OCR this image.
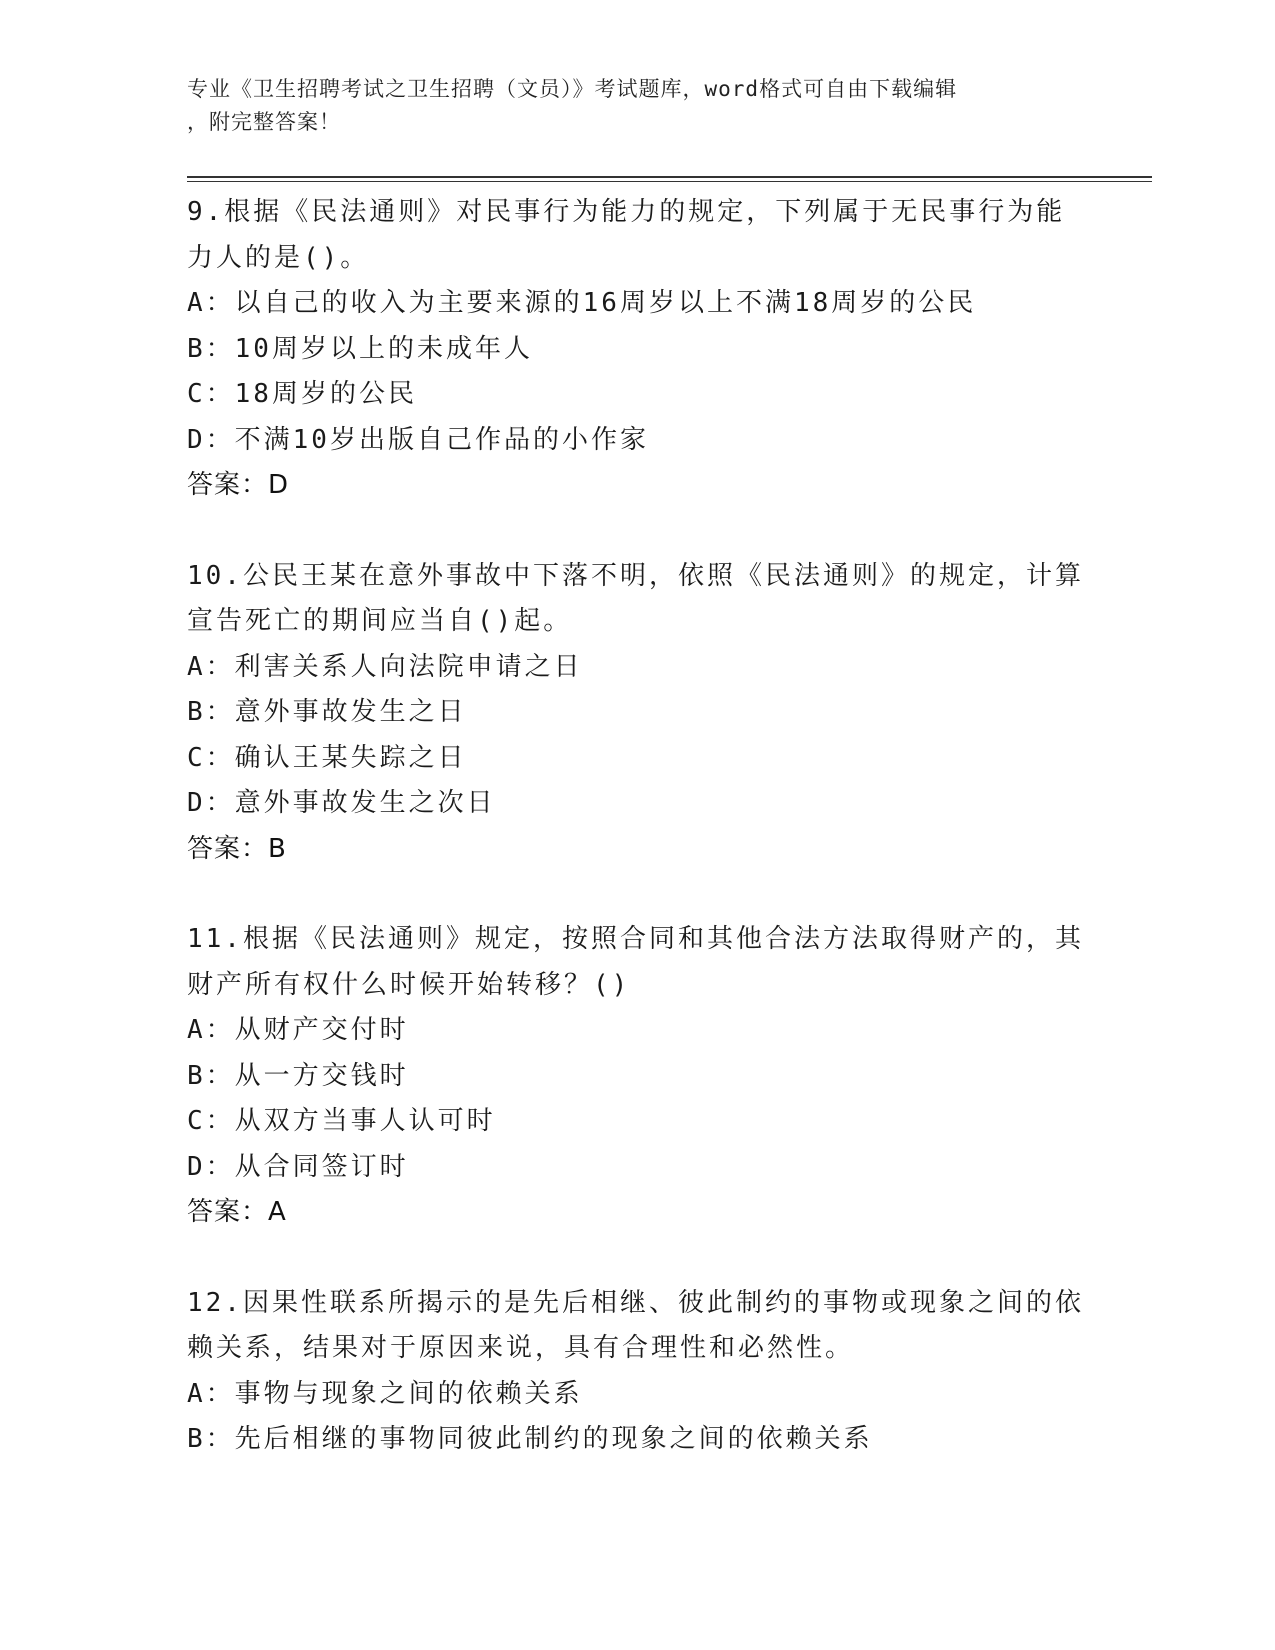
专业《卫生招聘考试之卫生招聘（文员）》考试题库，word格式可自由下载编辑
，附完整答案！
9.根据《民法通则》对民事行为能力的规定，下列属于无民事行为能
力人的是()。
A：以自己的收入为主要来源的16周岁以上不满18周岁的公民
B：10周岁以上的未成年人
C：18周岁的公民
D：不满10岁出版自己作品的小作家
答案：D
10.公民王某在意外事故中下落不明，依照《民法通则》的规定，计算
宣告死亡的期间应当自()起。
A：利害关系人向法院申请之日
B：意外事故发生之日
C：确认王某失踪之日
D：意外事故发生之次日
答案：B
11.根据《民法通则》规定，按照合同和其他合法方法取得财产的，其
财产所有权什么时候开始转移？()
A：从财产交付时
B：从一方交钱时
C：从双方当事人认可时
D：从合同签订时
答案：A
12.因果性联系所揭示的是先后相继、彼此制约的事物或现象之间的依
赖关系，结果对于原因来说，具有合理性和必然性。
A：事物与现象之间的依赖关系
B：先后相继的事物同彼此制约的现象之间的依赖关系
